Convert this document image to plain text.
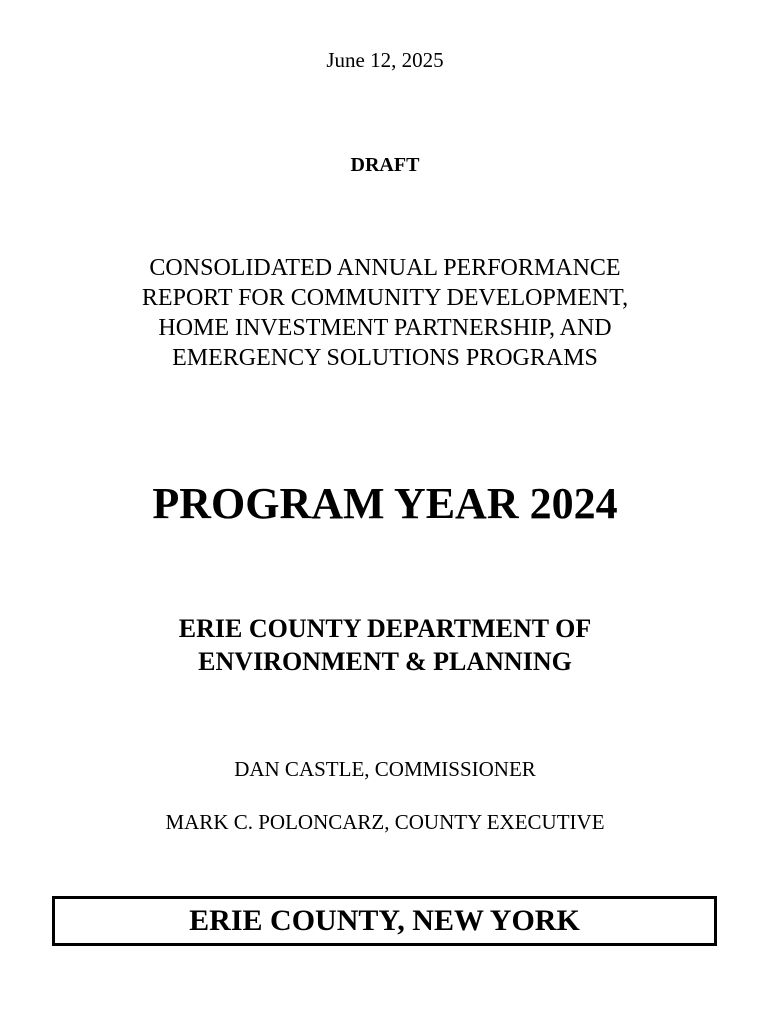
June 12, 2025
DRAFT
CONSOLIDATED ANNUAL PERFORMANCE
REPORT FOR COMMUNITY DEVELOPMENT,
HOME INVESTMENT PARTNERSHIP, AND
EMERGENCY SOLUTIONS PROGRAMS
PROGRAM YEAR 2024
ERIE COUNTY DEPARTMENT OF
ENVIRONMENT & PLANNING
DAN CASTLE, COMMISSIONER
MARK C. POLONCARZ, COUNTY EXECUTIVE
ERIE COUNTY, NEW YORK
